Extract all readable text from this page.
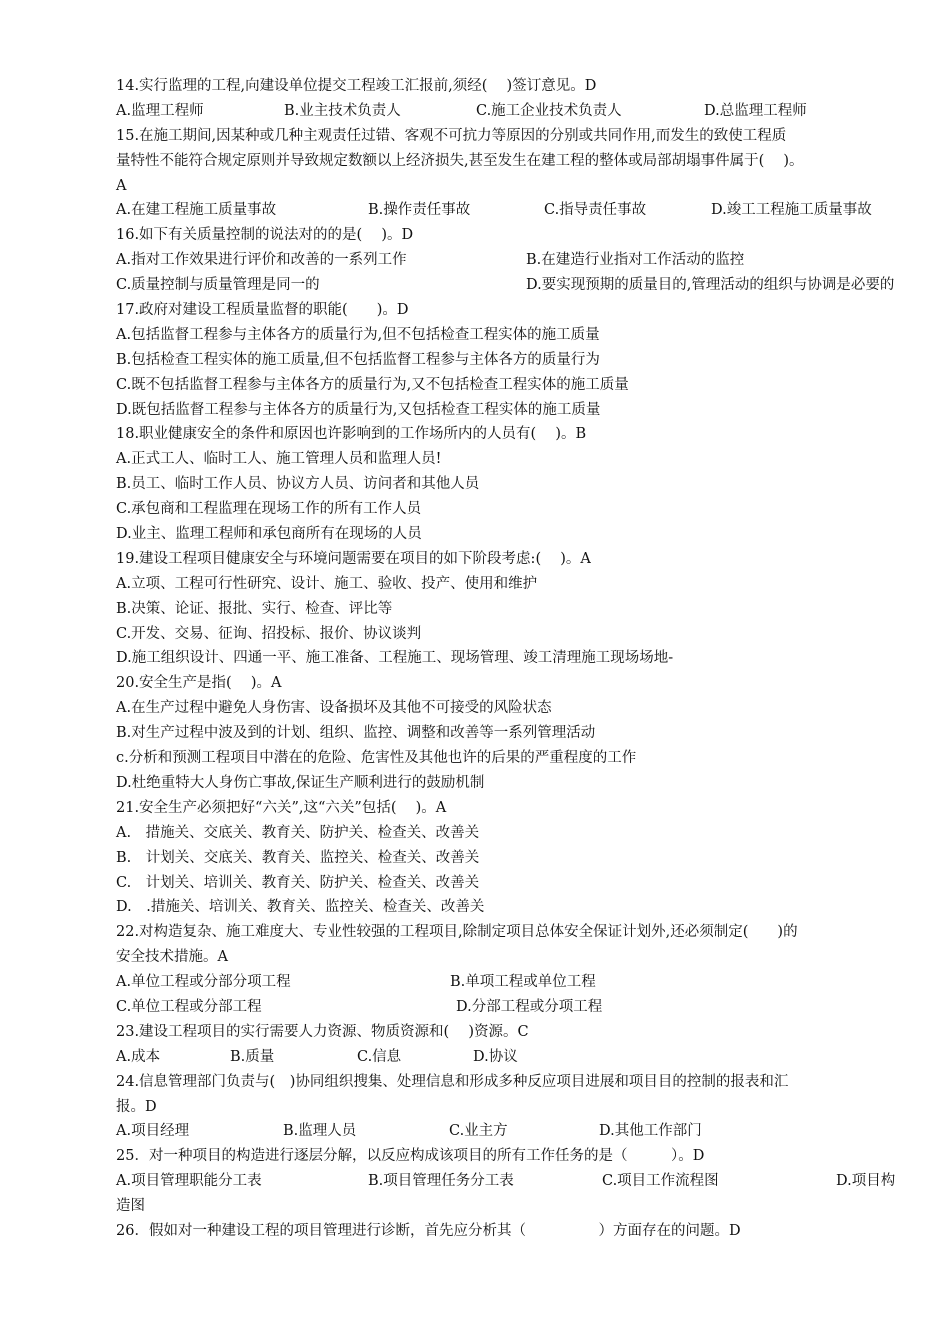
14.实行监理的工程,向建设单位提交工程竣工汇报前,须经(　 )签订意见。D
A.监理工程师	B.业主技术负责人	C.施工企业技术负责人	D.总监理工程师
15.在施工期间,因某种或几种主观责任过错、客观不可抗力等原因的分别或共同作用,而发生的致使工程质
量特性不能符合规定原则并导致规定数额以上经济损失,甚至发生在建工程的整体或局部胡塌事件属于(　 )。
A
A.在建工程施工质量事故	B.操作责任事故	C.指导责任事故	D.竣工工程施工质量事故
16.如下有关质量控制的说法对的的是(　 )。D
A.指对工作效果进行评价和改善的一系列工作	B.在建造行业指对工作活动的监控
C.质量控制与质量管理是同一的	D.要实现预期的质量目的,管理活动的组织与协调是必要的
17.政府对建设工程质量监督的职能(　　)。D
A.包括监督工程参与主体各方的质量行为,但不包括检查工程实体的施工质量
B.包括检查工程实体的施工质量,但不包括监督工程参与主体各方的质量行为
C.既不包括监督工程参与主体各方的质量行为,又不包括检查工程实体的施工质量
D.既包括监督工程参与主体各方的质量行为,又包括检查工程实体的施工质量
18.职业健康安全的条件和原因也许影响到的工作场所内的人员有(　 )。B
A.正式工人、临时工人、施工管理人员和监理人员!
B.员工、临时工作人员、协议方人员、访问者和其他人员
C.承包商和工程监理在现场工作的所有工作人员
D.业主、监理工程师和承包商所有在现场的人员
19.建设工程项目健康安全与环境问题需要在项目的如下阶段考虑:(　 )。A
A.立项、工程可行性研究、设计、施工、验收、投产、使用和维护
B.决策、论证、报批、实行、检查、评比等
C.开发、交易、征询、招投标、报价、协议谈判
D.施工组织设计、四通一平、施工准备、工程施工、现场管理、竣工清理施工现场场地-
20.安全生产是指(　 )。A
A.在生产过程中避免人身伤害、设备损坏及其他不可接受的风险状态
B.对生产过程中波及到的计划、组织、监控、调整和改善等一系列管理活动
c.分析和预测工程项目中潜在的危险、危害性及其他也许的后果的严重程度的工作
D.杜绝重特大人身伤亡事故,保证生产顺利进行的鼓励机制
21.安全生产必须把好“六关”,这“六关”包括(　 )。A
A.　措施关、交底关、教育关、防护关、检查关、改善关
B.　计划关、交底关、教育关、监控关、检查关、改善关
C.　计划关、培训关、教育关、防护关、检查关、改善关
D.　.措施关、培训关、教育关、监控关、检查关、改善关
22.对构造复杂、施工难度大、专业性较强的工程项目,除制定项目总体安全保证计划外,还必须制定(　　)的
安全技术措施。A
A.单位工程或分部分项工程	B.单项工程或单位工程
C.单位工程或分部工程	D.分部工程或分项工程
23.建设工程项目的实行需要人力资源、物质资源和(　 )资源。C
A.成本	B.质量	C.信息	D.协议
24.信息管理部门负责与(　)协同组织搜集、处理信息和形成多种反应项目进展和项目目的控制的报表和汇
报。D
A.项目经理	B.监理人员	C.业主方	D.其他工作部门
25．对一种项目的构造进行逐层分解，以反应构成该项目的所有工作任务的是（　　　）。D
A.项目管理职能分工表	B.项目管理任务分工表	C.项目工作流程图	D.项目构
造图
26．假如对一种建设工程的项目管理进行诊断，首先应分析其（　　　　　）方面存在的问题。D
